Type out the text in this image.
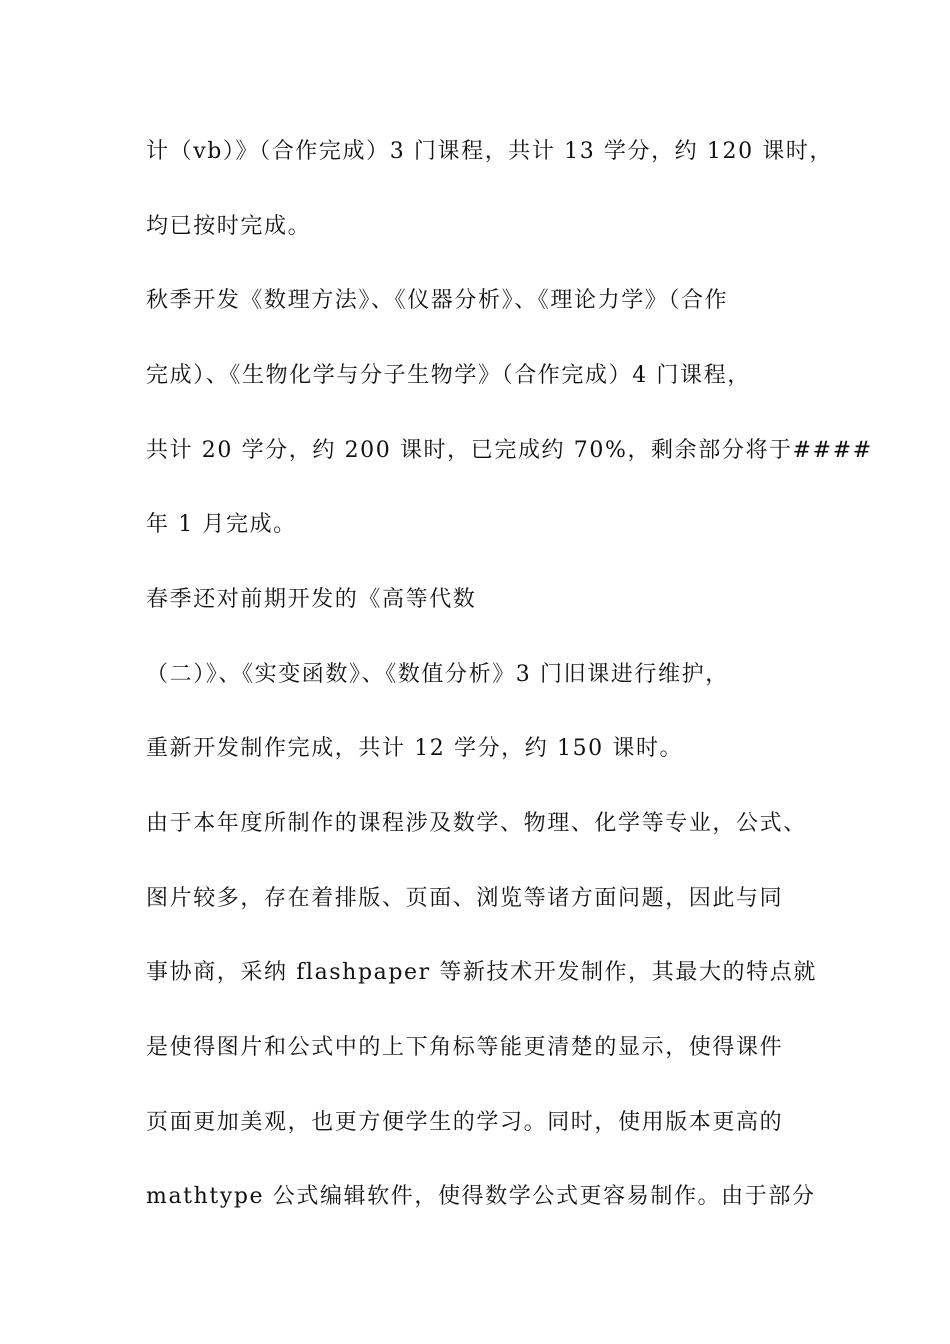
计（vb）》（合作完成）3 门课程，共计 13 学分，约 120 课时，
均已按时完成。
秋季开发《数理方法》、《仪器分析》、《理论力学》（合作
完成）、《生物化学与分子生物学》（合作完成）4 门课程，
共计 20 学分，约 200 课时，已完成约 70%，剩余部分将于####
年 1 月完成。
春季还对前期开发的《高等代数
（二）》、《实变函数》、《数值分析》3 门旧课进行维护，
重新开发制作完成，共计 12 学分，约 150 课时。
由于本年度所制作的课程涉及数学、物理、化学等专业，公式、
图片较多，存在着排版、页面、浏览等诸方面问题，因此与同
事协商，采纳 flashpaper 等新技术开发制作，其最大的特点就
是使得图片和公式中的上下角标等能更清楚的显示，使得课件
页面更加美观，也更方便学生的学习。同时，使用版本更高的
mathtype 公式编辑软件，使得数学公式更容易制作。由于部分
